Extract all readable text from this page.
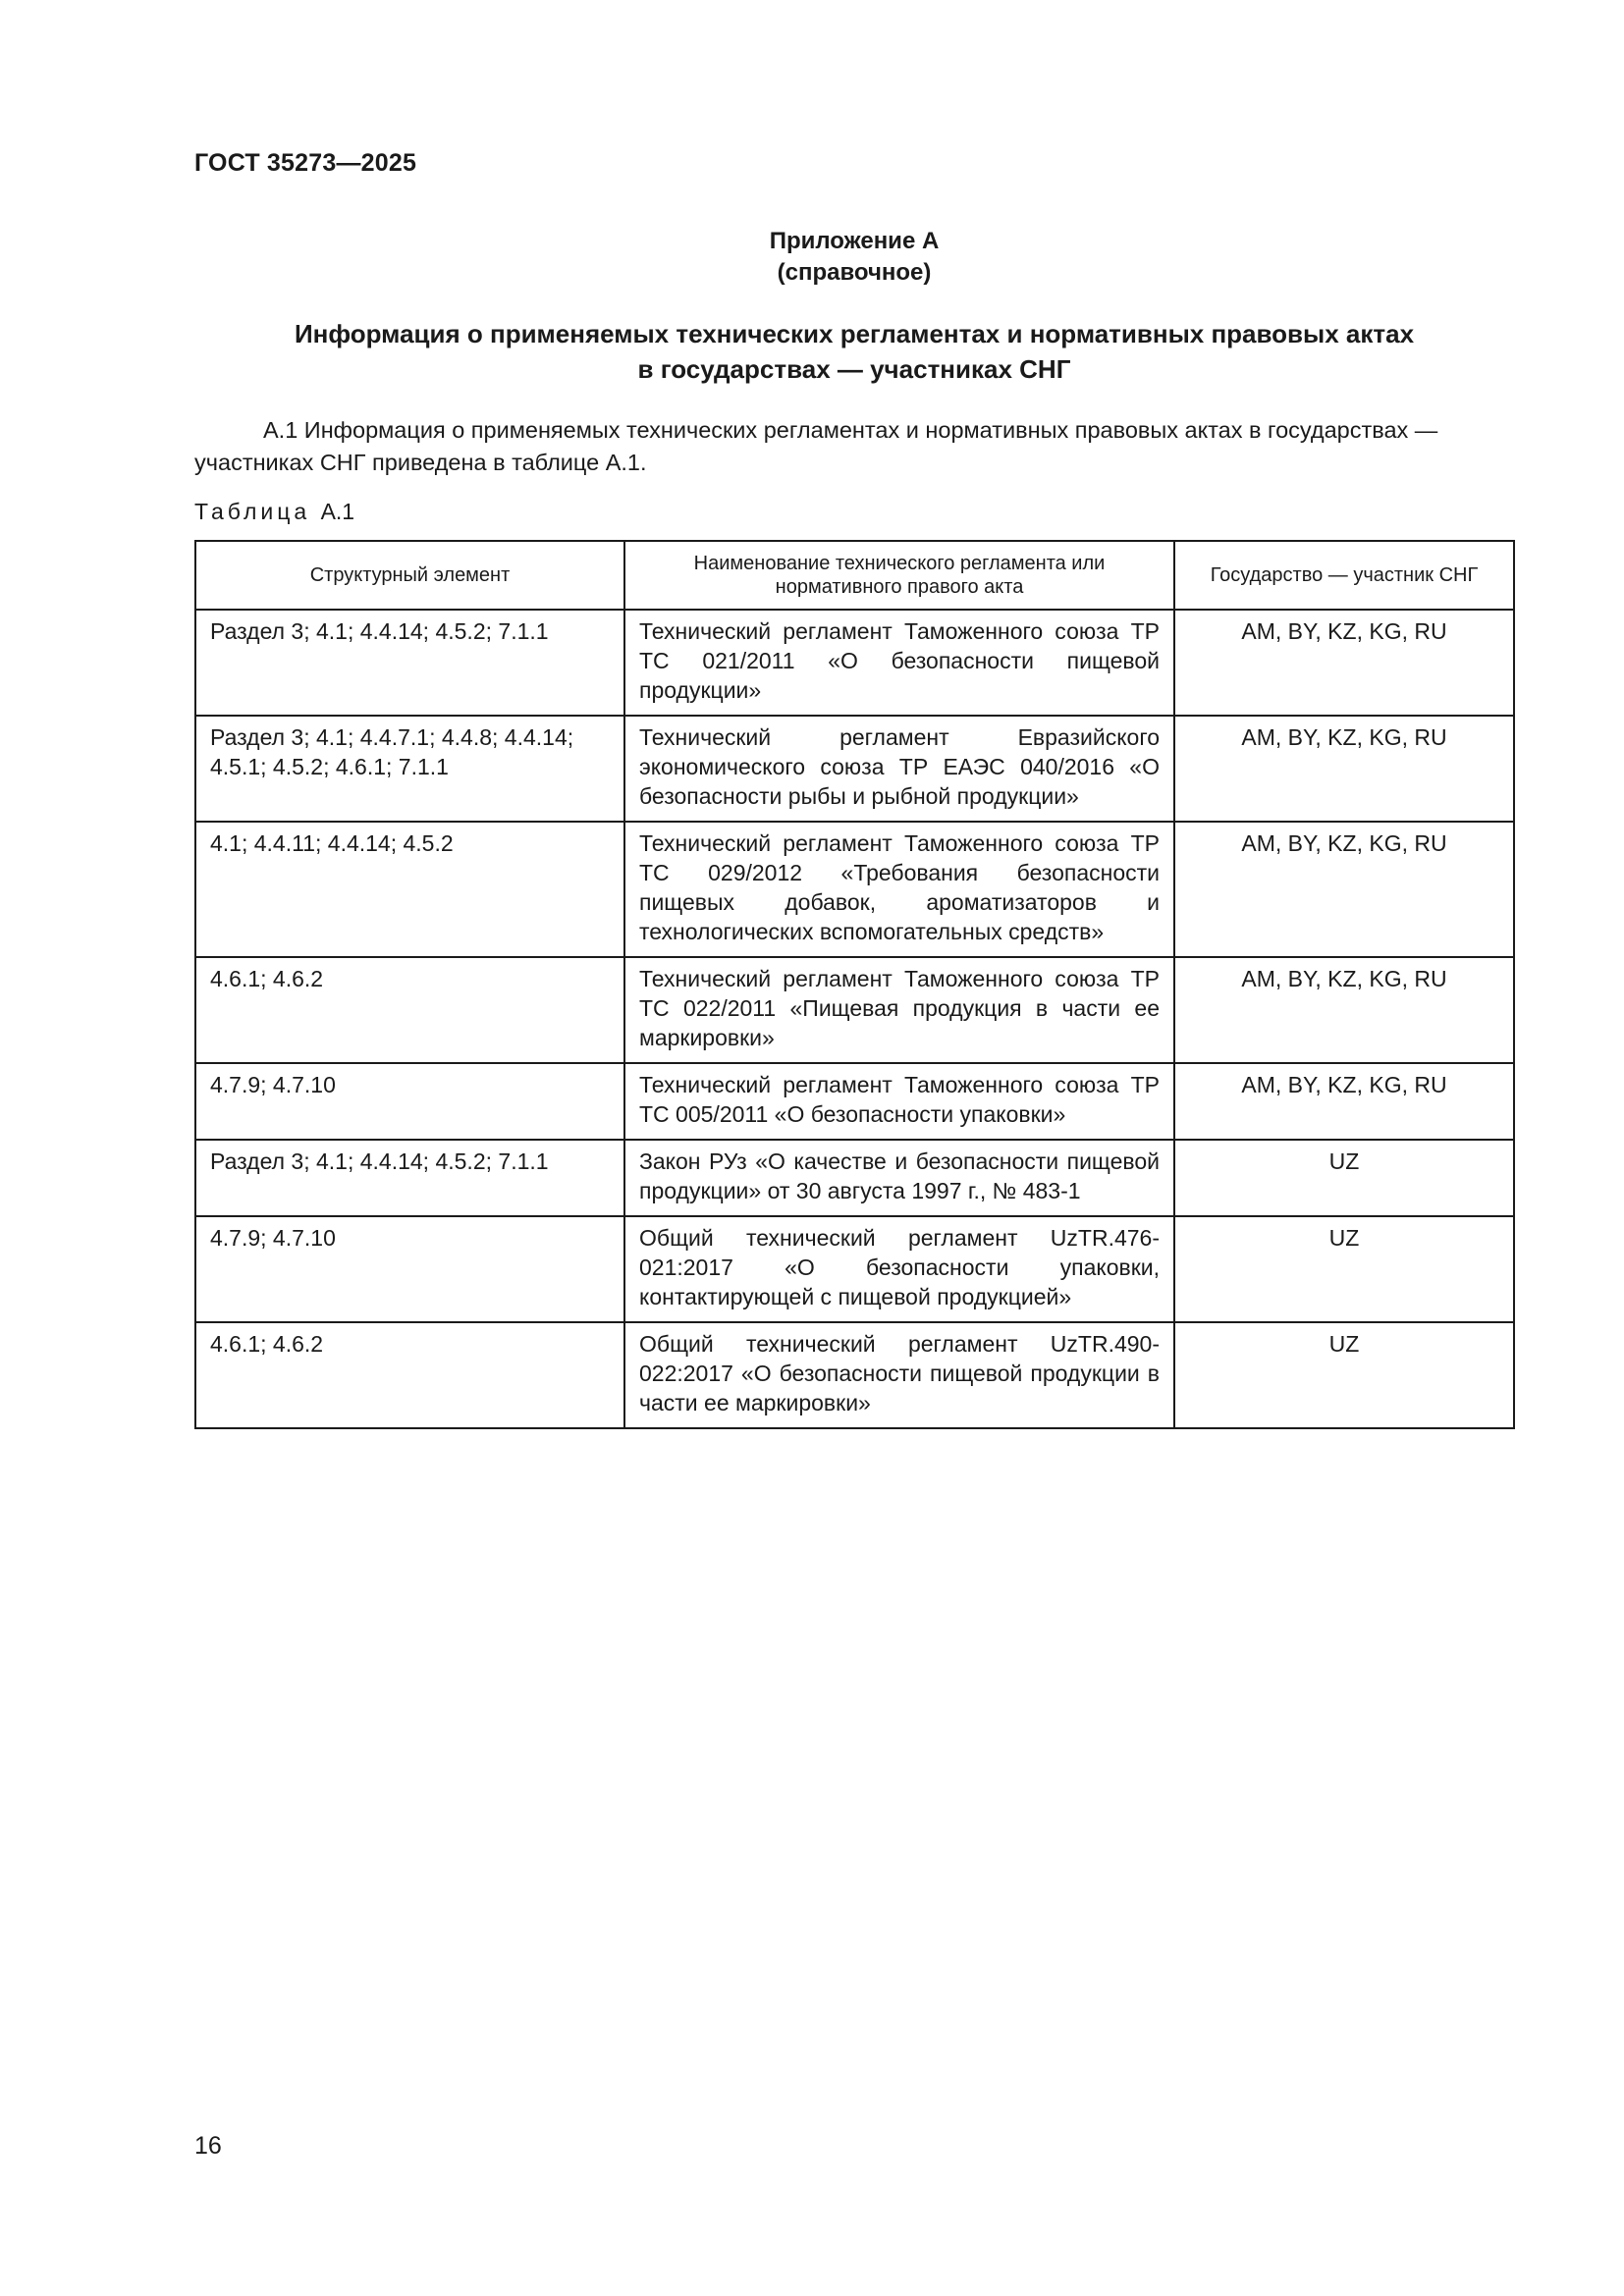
ГОСТ 35273—2025
Приложение А
(справочное)
Информация о применяемых технических регламентах и нормативных правовых актах
в государствах — участниках СНГ
А.1 Информация о применяемых технических регламентах и нормативных правовых актах в государствах — участниках СНГ приведена в таблице А.1.
Таблица А.1
Структурный элемент	Наименование технического регламента или нормативного правого акта	Государство — участник СНГ
Раздел 3; 4.1; 4.4.14; 4.5.2; 7.1.1	Технический регламент Таможенного союза ТР ТС 021/2011 «О безопасности пищевой продукции»	AM, BY, KZ, KG, RU
Раздел 3; 4.1; 4.4.7.1; 4.4.8; 4.4.14; 4.5.1; 4.5.2; 4.6.1; 7.1.1	Технический регламент Евразийского экономического союза ТР ЕАЭС 040/2016 «О безопасности рыбы и рыбной продукции»	AM, BY, KZ, KG, RU
4.1; 4.4.11; 4.4.14; 4.5.2	Технический регламент Таможенного союза ТР ТС 029/2012 «Требования безопасности пищевых добавок, ароматизаторов и технологических вспомогательных средств»	AM, BY, KZ, KG, RU
4.6.1; 4.6.2	Технический регламент Таможенного союза ТР ТС 022/2011 «Пищевая продукция в части ее маркировки»	AM, BY, KZ, KG, RU
4.7.9; 4.7.10	Технический регламент Таможенного союза ТР ТС 005/2011 «О безопасности упаковки»	AM, BY, KZ, KG, RU
Раздел 3; 4.1; 4.4.14; 4.5.2; 7.1.1	Закон РУз «О качестве и безопасности пищевой продукции» от 30 августа 1997 г., № 483-1	UZ
4.7.9; 4.7.10	Общий технический регламент UzTR.476-021:2017 «О безопасности упаковки, контактирующей с пищевой продукцией»	UZ
4.6.1; 4.6.2	Общий технический регламент UzTR.490-022:2017 «О безопасности пищевой продукции в части ее маркировки»	UZ
16
